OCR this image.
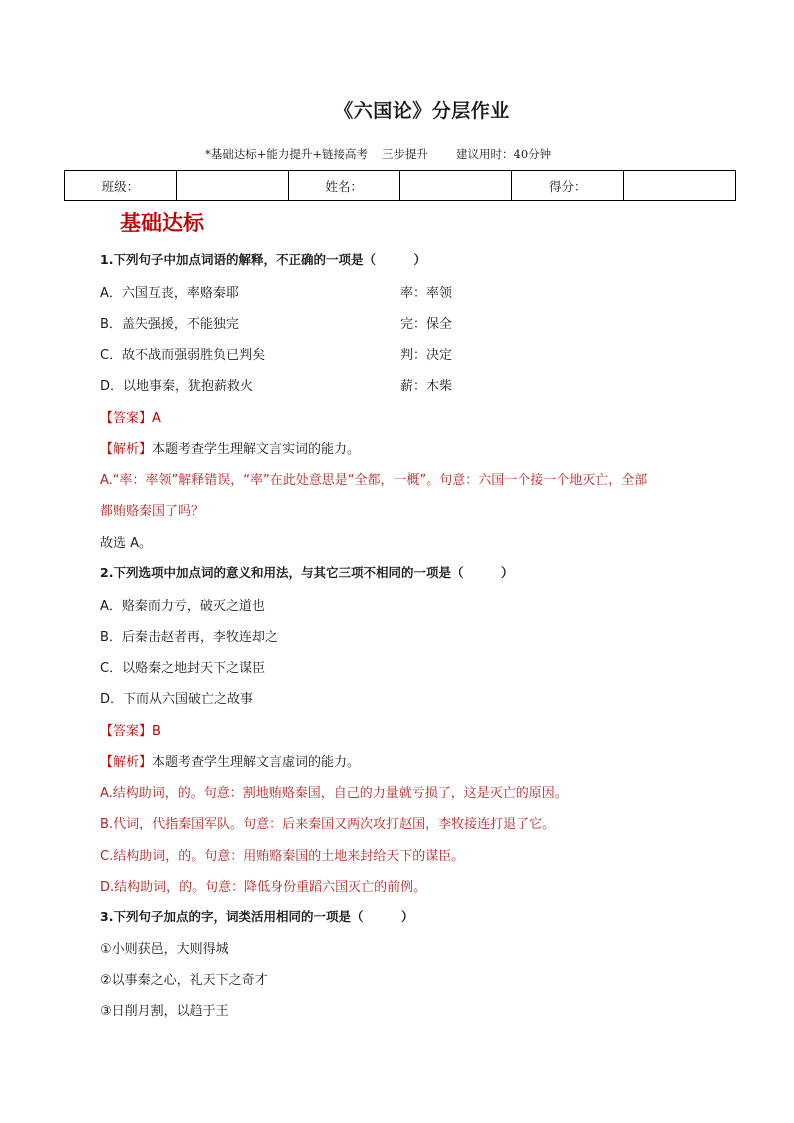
《六国论》分层作业
*基础达标+能力提升+链接高考 三步提升 建议用时：40分钟
班级：		姓名：		得分：	
基础达标
1.下列句子中加点词语的解释，不正确的一项是（　　　）
A．六国互丧，率赂秦耶	率：率领
B．盖失强援，不能独完	完：保全
C．故不战而强弱胜负已判矣	判：决定
D．以地事秦，犹抱薪救火	薪：木柴
【答案】A
【解析】本题考查学生理解文言实词的能力。
A.“率：率领”解释错误，“率”在此处意思是“全都，一概”。句意：六国一个接一个地灭亡，全部
都贿赂秦国了吗？
故选 A。
2.下列选项中加点词的意义和用法，与其它三项不相同的一项是（　　　）
A．赂秦而力亏，破灭之道也
B．后秦击赵者再，李牧连却之
C．以赂秦之地封天下之谋臣
D．下而从六国破亡之故事
【答案】B
【解析】本题考查学生理解文言虚词的能力。
A.结构助词，的。句意：割地贿赂秦国，自己的力量就亏损了，这是灭亡的原因。
B.代词，代指秦国军队。句意：后来秦国又两次攻打赵国，李牧接连打退了它。
C.结构助词，的。句意：用贿赂秦国的土地来封给天下的谋臣。
D.结构助词，的。句意：降低身份重蹈六国灭亡的前例。
3.下列句子加点的字，词类活用相同的一项是（　　　）
①小则获邑，大则得城
②以事秦之心，礼天下之奇才
③日削月割，以趋于王
